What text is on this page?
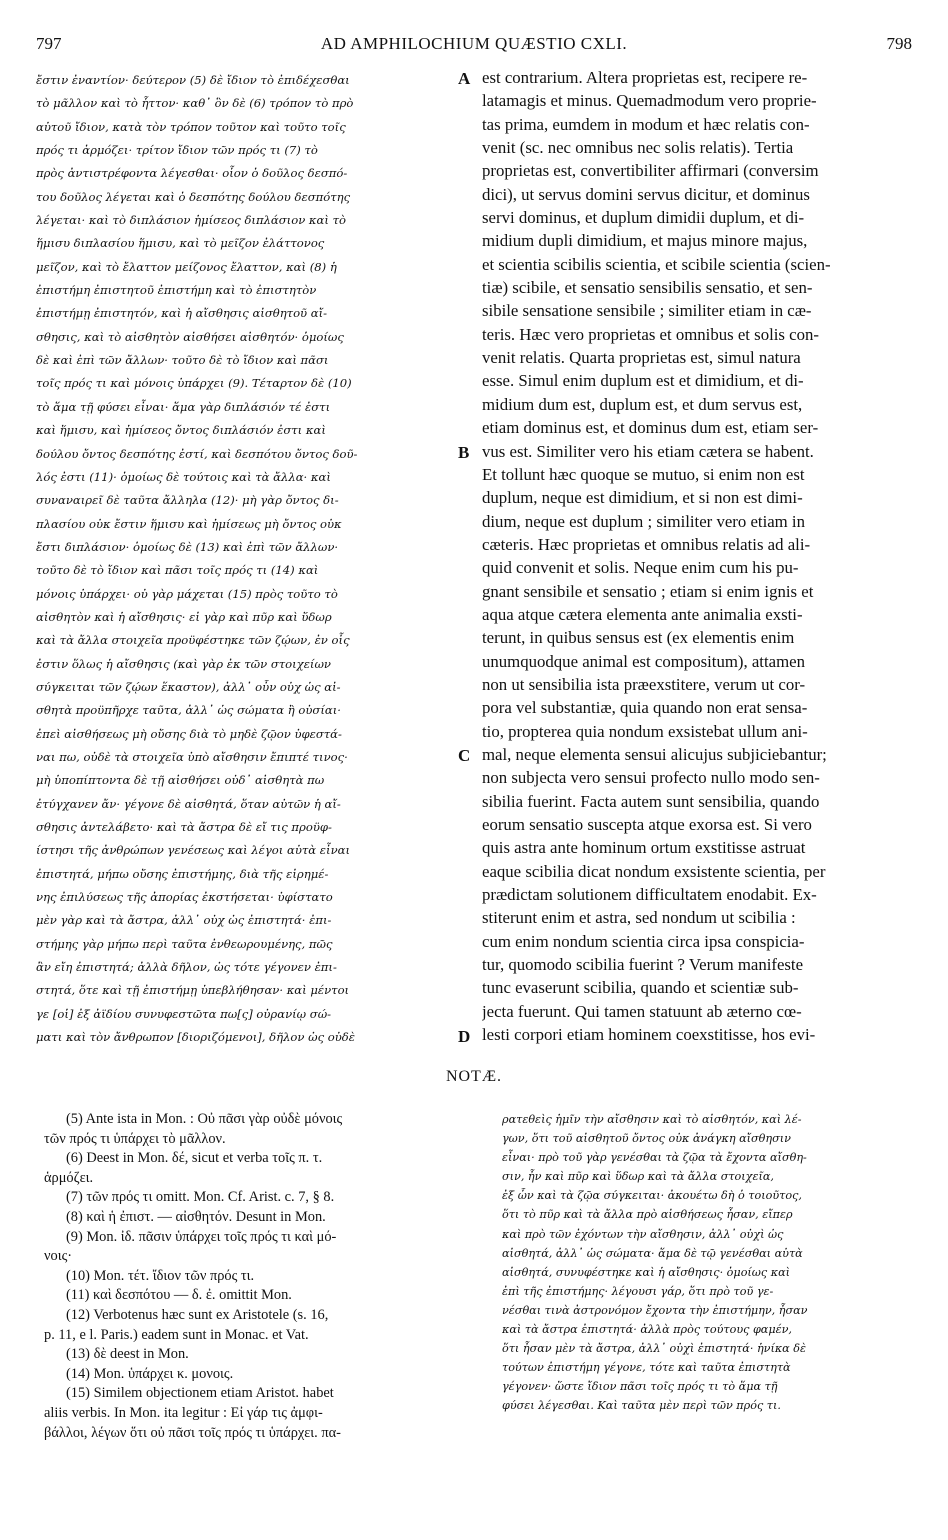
797	AD AMPHILOCHIUM QUÆSTIO CXLI.	798
ἔστιν ἐναντίον· δεύτερον (5) δὲ ἴδιον τὸ ἐπιδέχεσθαι
τὸ μᾶλλον καὶ τὸ ἧττον· καθ᾿ ὃν δὲ (6) τρόπον τὸ πρὸ
αὐτοῦ ἴδιον, κατὰ τὸν τρόπον τοῦτον καὶ τοῦτο τοῖς
πρός τι ἁρμόζει· τρίτον ἴδιον τῶν πρός τι (7) τὸ
πρὸς ἀντιστρέφοντα λέγεσθαι· οἷον ὁ δοῦλος δεσπό-
του δοῦλος λέγεται καὶ ὁ δεσπότης δούλου δεσπότης
λέγεται· καὶ τὸ διπλάσιον ἡμίσεος διπλάσιον καὶ τὸ
ἥμισυ διπλασίου ἥμισυ, καὶ τὸ μεῖζον ἐλάττονος
μεῖζον, καὶ τὸ ἔλαττον μείζονος ἔλαττον, καὶ (8) ἡ
ἐπιστήμη ἐπιστητοῦ ἐπιστήμη καὶ τὸ ἐπιστητὸν
ἐπιστήμῃ ἐπιστητόν, καὶ ἡ αἴσθησις αἰσθητοῦ αἴ-
σθησις, καὶ τὸ αἰσθητὸν αἰσθήσει αἰσθητόν· ὁμοίως
δὲ καὶ ἐπὶ τῶν ἄλλων· τοῦτο δὲ τὸ ἴδιον καὶ πᾶσι
τοῖς πρός τι καὶ μόνοις ὑπάρχει (9). Τέταρτον δὲ (10)
τὸ ἅμα τῇ φύσει εἶναι· ἅμα γὰρ διπλάσιόν τέ ἐστι
καὶ ἥμισυ, καὶ ἡμίσεος ὄντος διπλάσιόν ἐστι καὶ
δούλου ὄντος δεσπότης ἐστί, καὶ δεσπότου ὄντος δοῦ-
λός ἐστι (11)· ὁμοίως δὲ τούτοις καὶ τὰ ἄλλα· καὶ
συναναιρεῖ δὲ ταῦτα ἄλληλα (12)· μὴ γὰρ ὄντος δι-
πλασίου οὐκ ἔστιν ἥμισυ καὶ ἡμίσεως μὴ ὄντος οὐκ
ἔστι διπλάσιον· ὁμοίως δὲ (13) καὶ ἐπὶ τῶν ἄλλων·
τοῦτο δὲ τὸ ἴδιον καὶ πᾶσι τοῖς πρός τι (14) καὶ
μόνοις ὑπάρχει· οὐ γὰρ μάχεται (15) πρὸς τοῦτο τὸ
αἰσθητὸν καὶ ἡ αἴσθησις· εἰ γὰρ καὶ πῦρ καὶ ὕδωρ
καὶ τὰ ἄλλα στοιχεῖα προϋφέστηκε τῶν ζῴων, ἐν οἷς
ἐστιν ὅλως ἡ αἴσθησις (καὶ γὰρ ἐκ τῶν στοιχείων
σύγκειται τῶν ζῴων ἕκαστον), ἀλλ᾿ οὖν οὐχ ὡς αἰ-
σθητὰ προϋπῆρχε ταῦτα, ἀλλ᾿ ὡς σώματα ἢ οὐσίαι·
ἐπεὶ αἰσθήσεως μὴ οὔσης διὰ τὸ μηδὲ ζῷον ὑφεστά-
ναι πω, οὐδὲ τὰ στοιχεῖα ὑπὸ αἴσθησιν ἔπιπτέ τινος·
μὴ ὑποπίπτοντα δὲ τῇ αἰσθήσει οὐδ᾿ αἰσθητὰ πω
ἐτύγχανεν ἄν· γέγονε δὲ αἰσθητά, ὅταν αὐτῶν ἡ αἴ-
σθησις ἀντελάβετο· καὶ τὰ ἄστρα δὲ εἴ τις προϋφ-
ίστησι τῆς ἀνθρώπων γενέσεως καὶ λέγοι αὐτὰ εἶναι
ἐπιστητά, μήπω οὔσης ἐπιστήμης, διὰ τῆς εἰρημέ-
νης ἐπιλύσεως τῆς ἀπορίας ἐκστήσεται· ὑφίστατο
μὲν γὰρ καὶ τὰ ἄστρα, ἀλλ᾿ οὐχ ὡς ἐπιστητά· ἐπι-
στήμης γὰρ μήπω περὶ ταῦτα ἐνθεωρουμένης, πῶς
ἂν εἴη ἐπιστητά; ἀλλὰ δῆλον, ὡς τότε γέγονεν ἐπι-
στητά, ὅτε καὶ τῇ ἐπιστήμῃ ὑπεβλήθησαν· καὶ μέντοι
γε [οἱ] ἐξ ἀϊδίου συνυφεστῶτα πω[ς] οὐρανίῳ σώ-
ματι καὶ τὸν ἄνθρωπον [διοριζόμενοι], δῆλον ὡς οὐδὲ
A
B
C
D
est contrarium. Altera proprietas est, recipere re-
latamagis et minus. Quemadmodum vero proprie-
tas prima, eumdem in modum et hæc relatis con-
venit (sc. nec omnibus nec solis relatis). Tertia
proprietas est, convertibiliter affirmari (conversim
dici), ut servus domini servus dicitur, et dominus
servi dominus, et duplum dimidii duplum, et di-
midium dupli dimidium, et majus minore majus,
et scientia scibilis scientia, et scibile scientia (scien-
tiæ) scibile, et sensatio sensibilis sensatio, et sen-
sibile sensatione sensibile ; similiter etiam in cæ-
teris. Hæc vero proprietas et omnibus et solis con-
venit relatis. Quarta proprietas est, simul natura
esse. Simul enim duplum est et dimidium, et di-
midium dum est, duplum est, et dum servus est,
etiam dominus est, et dominus dum est, etiam ser-
vus est. Similiter vero his etiam cætera se habent.
Et tollunt hæc quoque se mutuo, si enim non est
duplum, neque est dimidium, et si non est dimi-
dium, neque est duplum ; similiter vero etiam in
cæteris. Hæc proprietas et omnibus relatis ad ali-
quid convenit et solis. Neque enim cum his pu-
gnant sensibile et sensatio ; etiam si enim ignis et
aqua atque cætera elementa ante animalia exsti-
terunt, in quibus sensus est (ex elementis enim
unumquodque animal est compositum), attamen
non ut sensibilia ista præexstitere, verum ut cor-
pora vel substantiæ, quia quando non erat sensa-
tio, propterea quia nondum exsistebat ullum ani-
mal, neque elementa sensui alicujus subjiciebantur;
non subjecta vero sensui profecto nullo modo sen-
sibilia fuerint. Facta autem sunt sensibilia, quando
eorum sensatio suscepta atque exorsa est. Si vero
quis astra ante hominum ortum exstitisse astruat
eaque scibilia dicat nondum exsistente scientia, per
prædictam solutionem difficultatem enodabit. Ex-
stiterunt enim et astra, sed nondum ut scibilia :
cum enim nondum scientia circa ipsa conspicia-
tur, quomodo scibilia fuerint ? Verum manifeste
tunc evaserunt scibilia, quando et scientiæ sub-
jecta fuerunt. Qui tamen statuunt ab æterno cœ-
lesti corpori etiam hominem coexstitisse, hos evi-
NOTÆ.
(5) Ante ista in Mon. : Οὐ πᾶσι γὰρ οὐδὲ μόνοις
τῶν πρός τι ὑπάρχει τὸ μᾶλλον.
(6) Deest in Mon. δέ, sicut et verba τοῖς π. τ.
ἁρμόζει.
(7) τῶν πρός τι omitt. Mon. Cf. Arist. c. 7, § 8.
(8) καὶ ἡ ἐπιστ. — αἰσθητόν. Desunt in Mon.
(9) Mon. ἰδ. πᾶσιν ὑπάρχει τοῖς πρός τι καὶ μό-
νοις·
(10) Mon. τέτ. ἴδιον τῶν πρός τι.
(11) καὶ δεσπότου — δ. ἐ. omittit Mon.
(12) Verbotenus hæc sunt ex Aristotele (s. 16,
p. 11, e l. Paris.) eadem sunt in Monac. et Vat.
(13) δὲ deest in Mon.
(14) Mon. ὑπάρχει κ. μονοις.
(15) Similem objectionem etiam Aristot. habet
aliis verbis. In Mon. ita legitur : Εἰ γάρ τις ἀμφι-
βάλλοι, λέγων ὅτι οὐ πᾶσι τοῖς πρός τι ὑπάρχει. πα-
ρατεθεὶς ἡμῖν τὴν αἴσθησιν καὶ τὸ αἰσθητόν, καὶ λέ-
γων, ὅτι τοῦ αἰσθητοῦ ὄντος οὐκ ἀνάγκη αἴσθησιν
εἶναι· πρὸ τοῦ γὰρ γενέσθαι τὰ ζῷα τὰ ἔχοντα αἴσθη-
σιν, ἦν καὶ πῦρ καὶ ὕδωρ καὶ τὰ ἄλλα στοιχεῖα,
ἐξ ὧν καὶ τὰ ζῷα σύγκειται· ἀκουέτω δὴ ὁ τοιοῦτος,
ὅτι τὸ πῦρ καὶ τὰ ἄλλα πρὸ αἰσθήσεως ἦσαν, εἴπερ
καὶ πρὸ τῶν ἐχόντων τὴν αἴσθησιν, ἀλλ᾿ οὐχὶ ὡς
αἰσθητά, ἀλλ᾿ ὡς σώματα· ἅμα δὲ τῷ γενέσθαι αὐτὰ
αἰσθητά, συνυφέστηκε καὶ ἡ αἴσθησις· ὁμοίως καὶ
ἐπὶ τῆς ἐπιστήμης· λέγουσι γάρ, ὅτι πρὸ τοῦ γε-
νέσθαι τινὰ ἀστρονόμον ἔχοντα τὴν ἐπιστήμην, ἦσαν
καὶ τὰ ἄστρα ἐπιστητά· ἀλλὰ πρὸς τούτους φαμέν,
ὅτι ἦσαν μὲν τὰ ἄστρα, ἀλλ᾿ οὐχὶ ἐπιστητά· ἡνίκα δὲ
τούτων ἐπιστήμη γέγονε, τότε καὶ ταῦτα ἐπιστητὰ
γέγονεν· ὥστε ἴδιον πᾶσι τοῖς πρός τι τὸ ἅμα τῇ
φύσει λέγεσθαι. Καὶ ταῦτα μὲν περὶ τῶν πρός τι.
